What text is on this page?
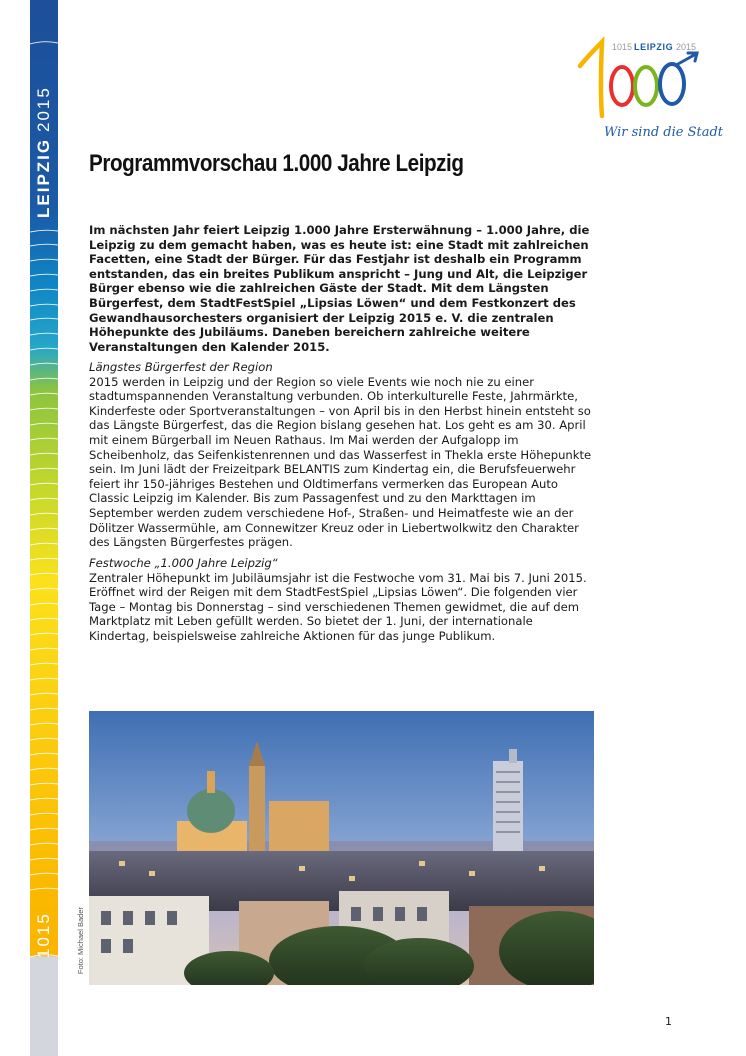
LEIPZIG
2015
1015
1015 LEIPZIG 2015
Wir sind die Stadt
Programmvorschau 1.000 Jahre Leipzig

Im nächsten Jahr feiert Leipzig 1.000 Jahre Ersterwähnung – 1.000 Jahre, die Leipzig zu dem gemacht haben, was es heute ist: eine Stadt mit zahlreichen Facetten, eine Stadt der Bürger. Für das Festjahr ist deshalb ein Programm entstanden, das ein breites Publikum anspricht – Jung und Alt, die Leipziger Bürger ebenso wie die zahlreichen Gäste der Stadt. Mit dem Längsten Bürgerfest, dem StadtFestSpiel „Lipsias Löwen“ und dem Festkonzert des Gewandhausorchesters organisiert der Leipzig 2015 e. V. die zentralen Höhepunkte des Jubiläums. Daneben bereichern zahlreiche weitere Veranstaltungen den Kalender 2015.

Längstes Bürgerfest der Region

2015 werden in Leipzig und der Region so viele Events wie noch nie zu einer stadtumspannenden Veranstaltung verbunden. Ob interkulturelle Feste, Jahrmärkte, Kinderfeste oder Sportveranstaltungen – von April bis in den Herbst hinein entsteht so das Längste Bürgerfest, das die Region bislang gesehen hat. Los geht es am 30. April mit einem Bürgerball im Neuen Rathaus. Im Mai werden der Aufgalopp im Scheibenholz, das Seifenkistenrennen und das Wasserfest in Thekla erste Höhepunkte sein. Im Juni lädt der Freizeitpark BELANTIS zum Kindertag ein, die Berufsfeuerwehr feiert ihr 150-jähriges Bestehen und Oldtimerfans vermerken das European Auto Classic Leipzig im Kalender. Bis zum Passagenfest und zu den Markttagen im September werden zudem verschiedene Hof-, Straßen- und Heimatfeste wie an der Dölitzer Wassermühle, am Connewitzer Kreuz oder in Liebertwolkwitz den Charakter des Längsten Bürgerfestes prägen.

Festwoche „1.000 Jahre Leipzig“

Zentraler Höhepunkt im Jubiläumsjahr ist die Festwoche vom 31. Mai bis 7. Juni 2015. Eröffnet wird der Reigen mit dem StadtFestSpiel „Lipsias Löwen“. Die folgenden vier Tage – Montag bis Donnerstag – sind verschiedenen Themen gewidmet, die auf dem Marktplatz mit Leben gefüllt werden. So bietet der 1. Juni, der internationale Kindertag, beispielsweise zahlreiche Aktionen für das junge Publikum.

Foto: Michael Bader
1
